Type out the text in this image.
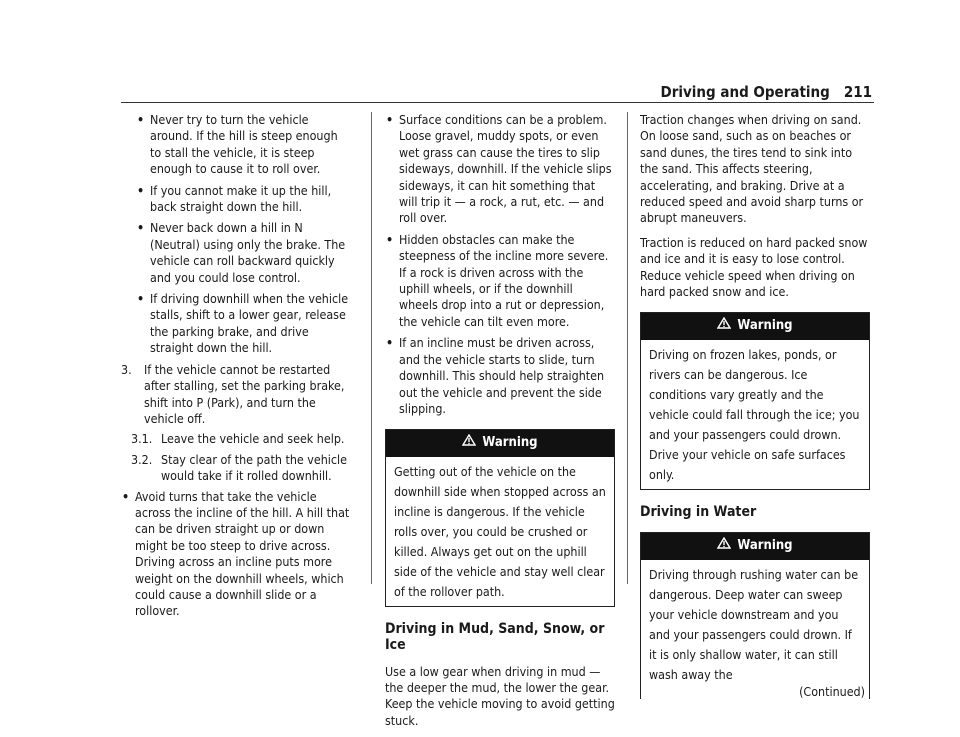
Driving and Operating 211
• Never try to turn the vehicle around. If the hill is steep enough to stall the vehicle, it is steep enough to cause it to roll over.
• If you cannot make it up the hill, back straight down the hill.
• Never back down a hill in N (Neutral) using only the brake. The vehicle can roll backward quickly and you could lose control.
• If driving downhill when the vehicle stalls, shift to a lower gear, release the parking brake, and drive straight down the hill.
3. If the vehicle cannot be restarted after stalling, set the parking brake, shift into P (Park), and turn the vehicle off.
3.1. Leave the vehicle and seek help.
3.2. Stay clear of the path the vehicle would take if it rolled downhill.
• Avoid turns that take the vehicle across the incline of the hill. A hill that can be driven straight up or down might be too steep to drive across. Driving across an incline puts more weight on the downhill wheels, which could cause a downhill slide or a rollover.
• Surface conditions can be a problem. Loose gravel, muddy spots, or even wet grass can cause the tires to slip sideways, downhill. If the vehicle slips sideways, it can hit something that will trip it — a rock, a rut, etc. — and roll over.
• Hidden obstacles can make the steepness of the incline more severe. If a rock is driven across with the uphill wheels, or if the downhill wheels drop into a rut or depression, the vehicle can tilt even more.
• If an incline must be driven across, and the vehicle starts to slide, turn downhill. This should help straighten out the vehicle and prevent the side slipping.
Warning
Getting out of the vehicle on the downhill side when stopped across an incline is dangerous. If the vehicle rolls over, you could be crushed or killed. Always get out on the uphill side of the vehicle and stay well clear of the rollover path.
Driving in Mud, Sand, Snow, or Ice
Use a low gear when driving in mud — the deeper the mud, the lower the gear. Keep the vehicle moving to avoid getting stuck.
Traction changes when driving on sand. On loose sand, such as on beaches or sand dunes, the tires tend to sink into the sand. This affects steering, accelerating, and braking. Drive at a reduced speed and avoid sharp turns or abrupt maneuvers.
Traction is reduced on hard packed snow and ice and it is easy to lose control. Reduce vehicle speed when driving on hard packed snow and ice.
Warning
Driving on frozen lakes, ponds, or rivers can be dangerous. Ice conditions vary greatly and the vehicle could fall through the ice; you and your passengers could drown. Drive your vehicle on safe surfaces only.
Driving in Water
Warning
Driving through rushing water can be dangerous. Deep water can sweep your vehicle downstream and you and your passengers could drown. If it is only shallow water, it can still wash away the
(Continued)
